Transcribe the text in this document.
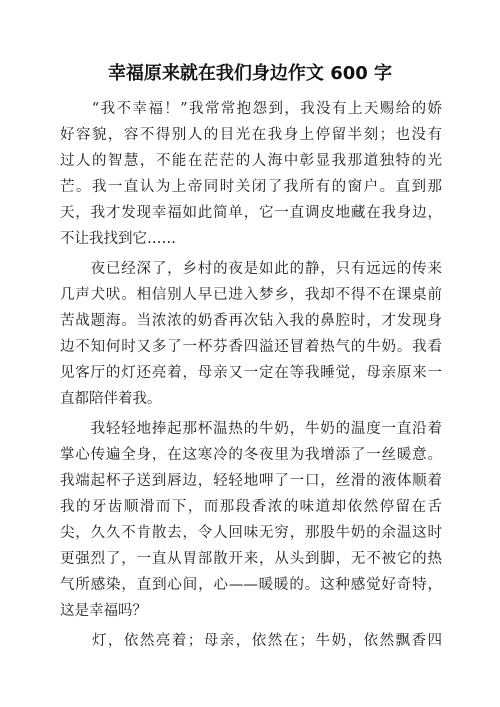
幸福原来就在我们身边作文 600 字
　　“我不幸福！”我常常抱怨到，我没有上天赐给的娇
好容貌，容不得别人的目光在我身上停留半刻；也没有
过人的智慧，不能在茫茫的人海中彰显我那道独特的光
芒。我一直认为上帝同时关闭了我所有的窗户。直到那
天，我才发现幸福如此简单，它一直调皮地藏在我身边，
不让我找到它……
　　夜已经深了，乡村的夜是如此的静，只有远远的传来
几声犬吠。相信别人早已进入梦乡，我却不得不在课桌前
苦战题海。当浓浓的奶香再次钻入我的鼻腔时，才发现身
边不知何时又多了一杯芬香四溢还冒着热气的牛奶。我看
见客厅的灯还亮着，母亲又一定在等我睡觉，母亲原来一
直都陪伴着我。
　　我轻轻地捧起那杯温热的牛奶，牛奶的温度一直沿着
掌心传遍全身，在这寒冷的冬夜里为我增添了一丝暖意。
我端起杯子送到唇边，轻轻地呷了一口，丝滑的液体顺着
我的牙齿顺滑而下，而那段香浓的味道却依然停留在舌
尖，久久不肯散去，令人回味无穷，那股牛奶的余温这时
更强烈了，一直从胃部散开来，从头到脚，无不被它的热
气所感染，直到心间，心——暖暖的。这种感觉好奇特，
这是幸福吗？
　　灯，依然亮着；母亲，依然在；牛奶，依然飘香四
